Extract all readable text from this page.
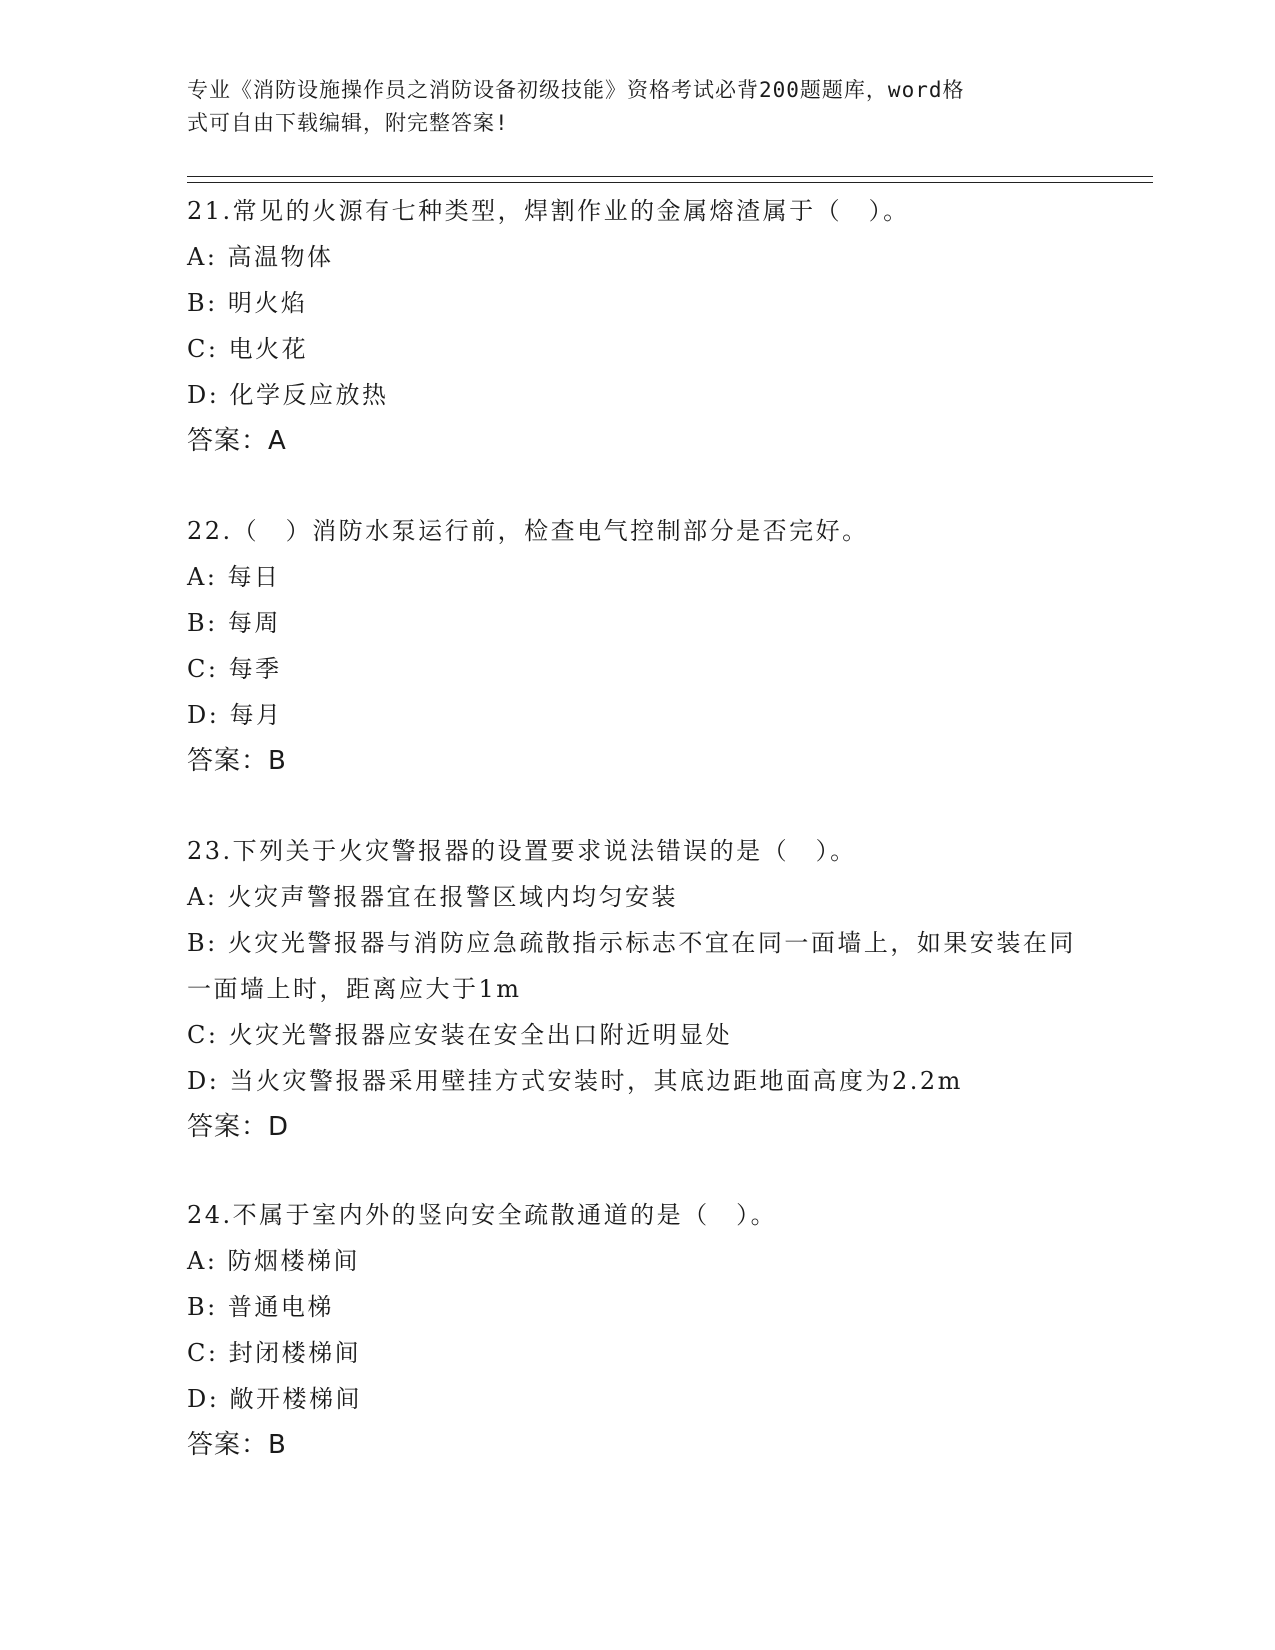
专业《消防设施操作员之消防设备初级技能》资格考试必背200题题库，word格
式可自由下载编辑，附完整答案!
21.常见的火源有七种类型，焊割作业的金属熔渣属于（　）。
A: 高温物体
B: 明火焰
C: 电火花
D: 化学反应放热
答案：A
22.（　）消防水泵运行前，检查电气控制部分是否完好。
A: 每日
B: 每周
C: 每季
D: 每月
答案：B
23.下列关于火灾警报器的设置要求说法错误的是（　）。
A: 火灾声警报器宜在报警区域内均匀安装
B: 火灾光警报器与消防应急疏散指示标志不宜在同一面墙上，如果安装在同一面墙上时，距离应大于1m
C: 火灾光警报器应安装在安全出口附近明显处
D: 当火灾警报器采用壁挂方式安装时，其底边距地面高度为2.2m
答案：D
24.不属于室内外的竖向安全疏散通道的是（　）。
A: 防烟楼梯间
B: 普通电梯
C: 封闭楼梯间
D: 敞开楼梯间
答案：B
